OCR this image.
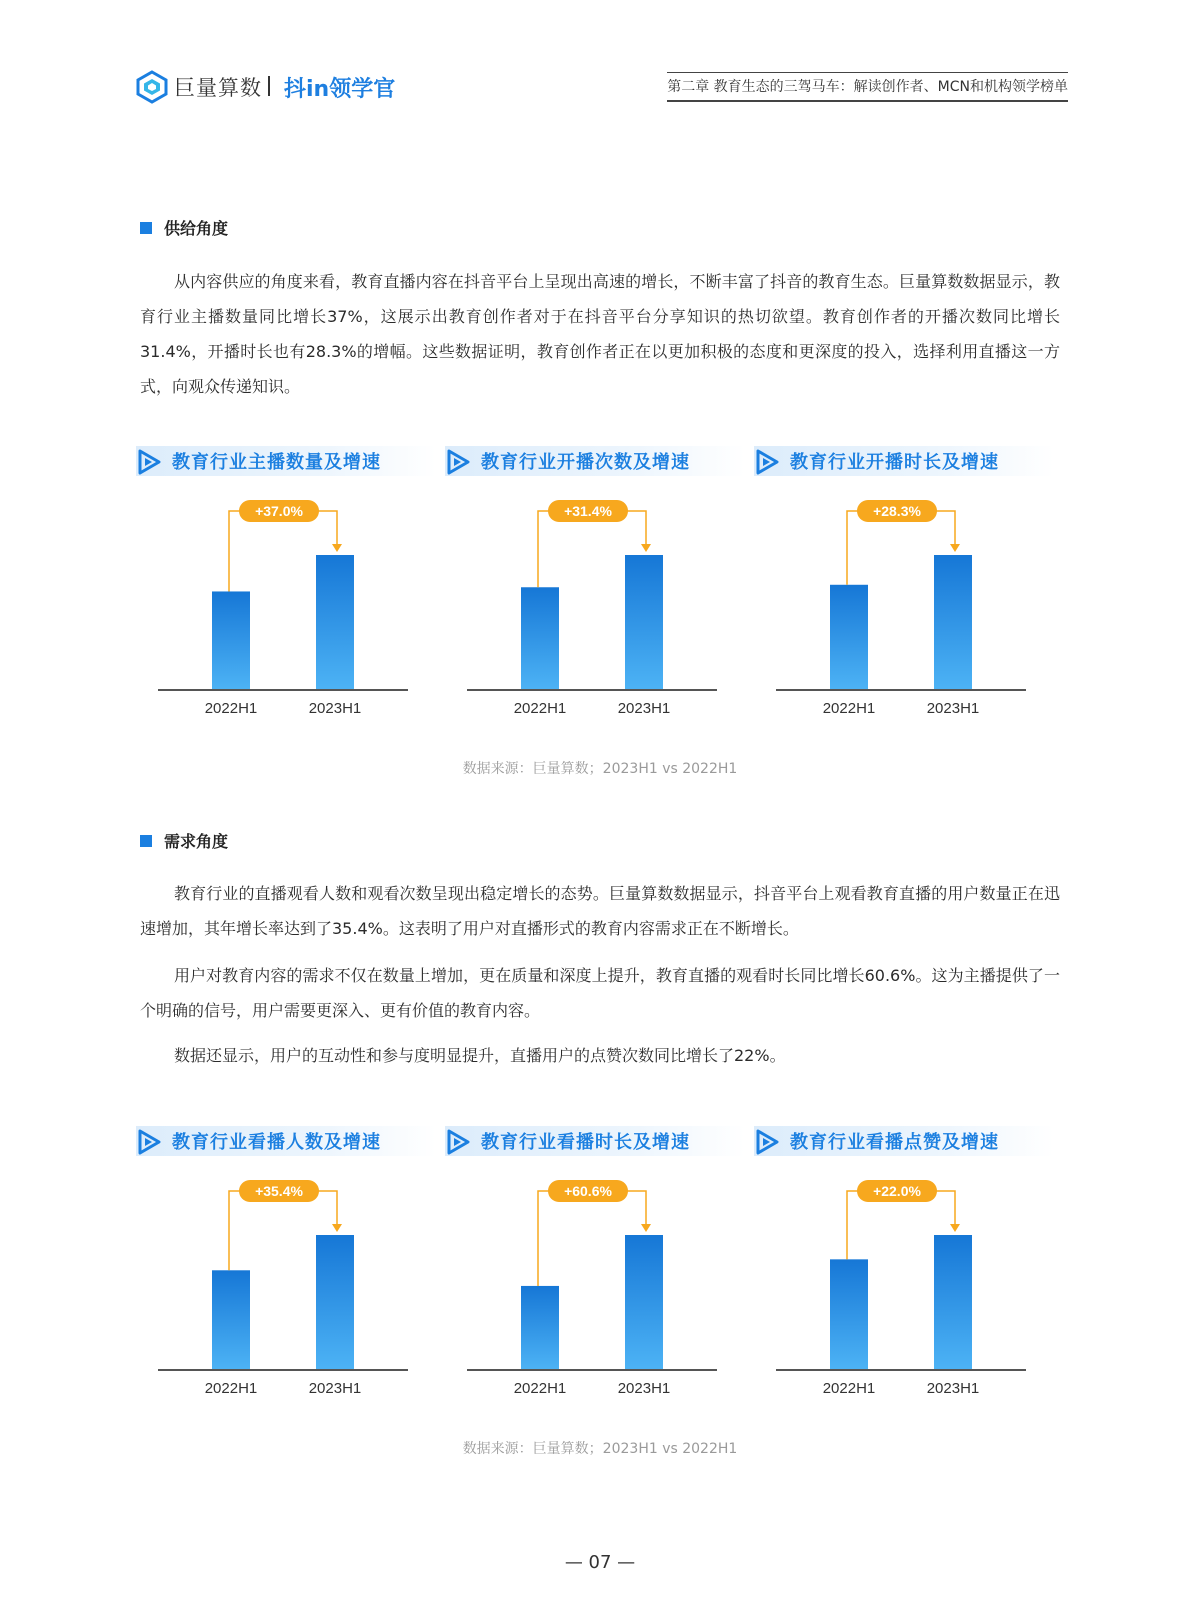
巨量算数 抖in领学官	第二章 教育生态的三驾马车：解读创作者、MCN和机构领学榜单
供给角度

从内容供应的角度来看，教育直播内容在抖音平台上呈现出高速的增长，不断丰富了抖音的教育生态。巨量算数数据显示，教育行业主播数量同比增长37%，这展示出教育创作者对于在抖音平台分享知识的热切欲望。教育创作者的开播次数同比增长31.4%，开播时长也有28.3%的增幅。这些数据证明，教育创作者正在以更加积极的态度和更深度的投入，选择利用直播这一方式，向观众传递知识。

教育行业主播数量及增速
2022H1	2023H1
+37.0%
教育行业开播次数及增速
2022H1	2023H1
+31.4%
教育行业开播时长及增速
2022H1	2023H1
+28.3%
数据来源：巨量算数；2023H1 vs 2022H1
需求角度

教育行业的直播观看人数和观看次数呈现出稳定增长的态势。巨量算数数据显示，抖音平台上观看教育直播的用户数量正在迅速增加，其年增长率达到了35.4%。这表明了用户对直播形式的教育内容需求正在不断增长。

用户对教育内容的需求不仅在数量上增加，更在质量和深度上提升，教育直播的观看时长同比增长60.6%。这为主播提供了一个明确的信号，用户需要更深入、更有价值的教育内容。

数据还显示，用户的互动性和参与度明显提升，直播用户的点赞次数同比增长了22%。

教育行业看播人数及增速
2022H1	2023H1
+35.4%
教育行业看播时长及增速
2022H1	2023H1
+60.6%
教育行业看播点赞及增速
2022H1	2023H1
+22.0%
数据来源：巨量算数；2023H1 vs 2022H1
— 07 —
